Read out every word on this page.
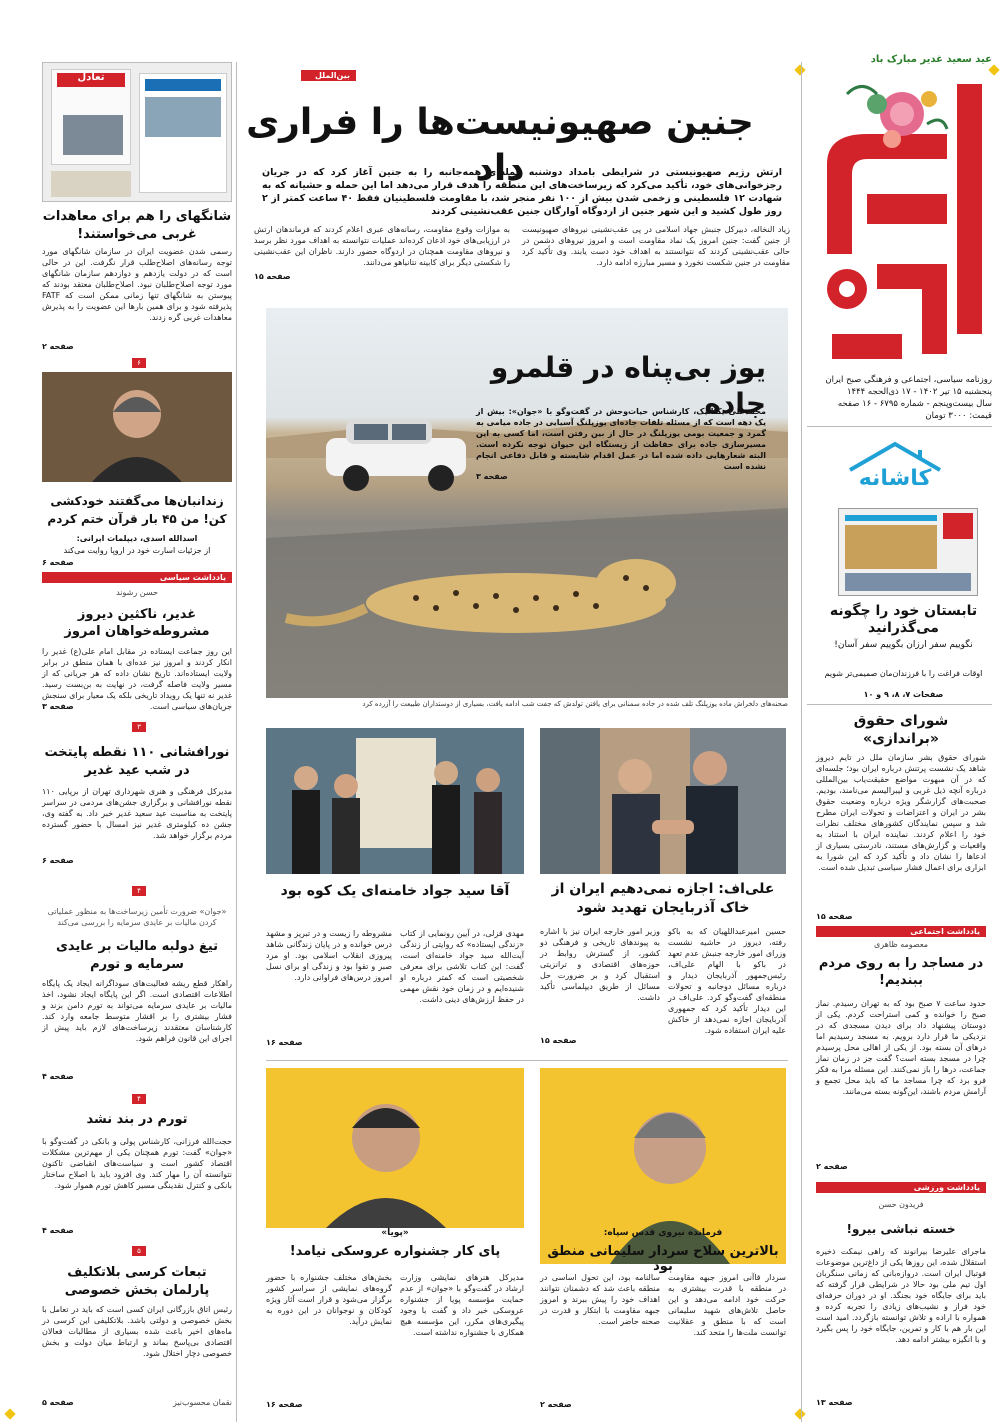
عید سعید غدیر مبارک باد
روزنامه سیاسی، اجتماعی و فرهنگی صبح ایران
پنجشنبه ۱۵ تیر ۱۴۰۲ - ۱۷ ذی‌الحجه ۱۴۴۴
سال بیست‌وپنجم - شماره ۶۷۹۵ - ۱۶ صفحه
قیمت: ۳۰۰۰ تومان
کاشانه
تابستان خود را چگونه می‌گذرانید
نگوییم سفر ارزان بگوییم سفر آسان!
اوقات فراغت را با فرزندان‌مان صمیمی‌تر شویم
صفحات ۷، ۸، ۹ و ۱۰
شورای حقوق «براندازی»
شورای حقوق بشر سازمان ملل در تایم دیروز شاهد یک نشست پرتنش درباره ایران بود؛ جلسه‌ای که در آن مبهوت مواضع حقیقت‌یاب بین‌المللی درباره آنچه ذیل غربی و لیبرالیسم می‌نامند، بودیم. صحبت‌های گزارشگر ویژه درباره وضعیت حقوق بشر در ایران و اعتراضات و تحولات ایران مطرح شد و سپس نمایندگان کشورهای مختلف نظرات خود را اعلام کردند. نماینده ایران با استناد به واقعیات و گزارش‌های مستند، نادرستی بسیاری از ادعاها را نشان داد و تأکید کرد که این شورا به ابزاری برای اعمال فشار سیاسی تبدیل شده است.
صفحه ۱۵
یادداشت اجتماعی
معصومه ظاهری
در مساجد را به روی مردم ببندیم!
حدود ساعت ۷ صبح بود که به تهران رسیدم. نماز صبح را خوانده و کمی استراحت کردم. یکی از دوستان پیشنهاد داد برای دیدن مسجدی که در نزدیکی ما قرار دارد برویم. به مسجد رسیدیم اما درهای آن بسته بود. از یکی از اهالی محل پرسیدم چرا در مسجد بسته است؟ گفت جز در زمان نماز جماعت، درها را باز نمی‌کنند. این مسئله مرا به فکر فرو برد که چرا مساجد ما که باید محل تجمع و آرامش مردم باشند، این‌گونه بسته می‌مانند.
صفحه ۲
یادداشت ورزشی
فریدون حسن
خسته نباشی بیرو!
ماجرای علیرضا بیرانوند که راهی نیمکت ذخیره استقلال شده، این روزها یکی از داغ‌ترین موضوعات فوتبال ایران است. دروازه‌بانی که زمانی سنگربان اول تیم ملی بود حالا در شرایطی قرار گرفته که باید برای جایگاه خود بجنگد. او در دوران حرفه‌ای خود فراز و نشیب‌های زیادی را تجربه کرده و همواره با اراده و تلاش توانسته بازگردد. امید است این بار هم با کار و تمرین، جایگاه خود را پس بگیرد و با انگیزه بیشتر ادامه دهد.
صفحه ۱۳
بین‌الملل
جنین صهیونیست‌ها را فراری داد
ارتش رژیم صهیونیستی در شرایطی بامداد دوشنبه حمله‌ای همه‌جانبه را به جنین آغاز کرد که در جریان رجزخوانی‌های خود، تأکید می‌کرد که زیرساخت‌های این منطقه را هدف قرار می‌دهد اما این حمله و حشیانه که به شهادت ۱۲ فلسطینی و زخمی شدن بیش از ۱۰۰ نفر منجر شد، با مقاومت فلسطینیان فقط ۴۰ ساعت کمتر از ۲ روز طول کشید و این شهر جنین از اردوگاه آوارگان جنین عقب‌نشینی کردند
زیاد النخاله، دبیرکل جنبش جهاد اسلامی در پی عقب‌نشینی نیروهای صهیونیست از جنین گفت: جنین امروز یک نماد مقاومت است و امروز نیروهای دشمن در حالی عقب‌نشینی کردند که نتوانستند به اهداف خود دست یابند. وی تأکید کرد مقاومت در جنین شکست نخورد و مسیر مبارزه ادامه دارد.
به موازات وقوع مقاومت، رسانه‌های عبری اعلام کردند که فرماندهان ارتش در ارزیابی‌های خود اذعان کرده‌اند عملیات نتوانسته به اهداف مورد نظر برسد و نیروهای مقاومت همچنان در اردوگاه حضور دارند. ناظران این عقب‌نشینی را شکستی دیگر برای کابینه نتانیاهو می‌دانند.
صفحه ۱۵
یوز بی‌پناه در قلمرو جاده
محمدعلی یکتانیک، کارشناس حیات‌وحش در گفت‌وگو با «جوان»: بیش از یک دهه است که از مسئله تلفات جاده‌ای یوزپلنگ آسیایی در جاده میامی به گمرد و جمعیت بومی یوزپلنگ در حال از بین رفتن است، اما کسی به این مسیرسازی جاده برای حفاظت از زیستگاه این حیوان توجه نکرده است. البته شعارهایی داده شده اما در عمل اقدام شایسته و قابل دفاعی انجام نشده است
صفحه ۳
صحنه‌های دلخراش ماده یوزپلنگ تلف شده در جاده سمنانی برای یافتن تولدش که جفت شب ادامه یافت، بسیاری از دوستداران طبیعت را آزرده کرد
علی‌اف: اجازه نمی‌دهیم ایران از خاک آذربایجان تهدید شود
حسین امیرعبداللهیان که به باکو رفته، دیروز در حاشیه نشست وزرای امور خارجه جنبش عدم تعهد در باکو با الهام علی‌اف، رئیس‌جمهور آذربایجان دیدار و درباره مسائل دوجانبه و تحولات منطقه‌ای گفت‌وگو کرد. علی‌اف در این دیدار تأکید کرد که جمهوری آذربایجان اجازه نمی‌دهد از خاکش علیه ایران استفاده شود.
وزیر امور خارجه ایران نیز با اشاره به پیوندهای تاریخی و فرهنگی دو کشور، از گسترش روابط در حوزه‌های اقتصادی و ترانزیتی استقبال کرد و بر ضرورت حل مسائل از طریق دیپلماسی تأکید داشت.
صفحه ۱۵
آقا سید جواد خامنه‌ای یک کوه بود
مهدی قزلی، در آیین رونمایی از کتاب «زندگی ایستاده» که روایتی از زندگی آیت‌الله سید جواد خامنه‌ای است، گفت: این کتاب تلاشی برای معرفی شخصیتی است که کمتر درباره او شنیده‌ایم و در زمان خود نقش مهمی در حفظ ارزش‌های دینی داشت.
مشروطه را زیست و در تبریز و مشهد درس خوانده و در پایان زندگانی شاهد پیروزی انقلاب اسلامی بود. او مرد صبر و تقوا بود و زندگی او برای نسل امروز درس‌های فراوانی دارد.
صفحه ۱۶
فرمانده نیروی قدس سپاه:
بالاترین سلاح سردار سلیمانی منطق بود
سردار قاآنی امروز جبهه مقاومت در منطقه با قدرت بیشتری به حرکت خود ادامه می‌دهد و این حاصل تلاش‌های شهید سلیمانی است که با منطق و عقلانیت توانست ملت‌ها را متحد کند.
سالنامه بود، این تحول اساسی در منطقه باعث شد که دشمنان نتوانند اهداف خود را پیش ببرند و امروز جبهه مقاومت با ابتکار و قدرت در صحنه حاضر است.
صفحه ۲
«پویا»
پای کار جشنواره عروسکی نیامد!
مدیرکل هنرهای نمایشی وزارت ارشاد در گفت‌وگو با «جوان» از عدم حمایت مؤسسه پویا از جشنواره عروسکی خبر داد و گفت با وجود پیگیری‌های مکرر، این مؤسسه هیچ همکاری با جشنواره نداشته است.
بخش‌های مختلف جشنواره با حضور گروه‌های نمایشی از سراسر کشور برگزار می‌شود و قرار است آثار ویژه کودکان و نوجوانان در این دوره به نمایش درآید.
صفحه ۱۶
تعادل
شانگهای را هم برای معاهدات غربی می‌خواستند!
رسمی شدن عضویت ایران در سازمان شانگهای مورد توجه رسانه‌های اصلاح‌طلب قرار نگرفت. این در حالی است که در دولت یازدهم و دوازدهم سازمان شانگهای مورد توجه اصلاح‌طلبان نبود. اصلاح‌طلبان معتقد بودند که پیوستن به شانگهای تنها زمانی ممکن است که FATF پذیرفته شود و برای همین بارها این عضویت را به پذیرش معاهدات غربی گره زدند.
صفحه ۲
۶
زندانبان‌ها می‌گفتند خودکشی کن! من ۴۵ بار قرآن ختم کردم
اسدالله اسدی، دیپلمات ایرانی:
از جزئیات اسارت خود در اروپا روایت می‌کند
صفحه ۶
یادداشت سیاسی
حسن رشوند
غدیر، ناکثین دیروز مشروطه‌خواهان امروز
این روز جماعت ایستاده در مقابل امام علی(ع) غدیر را انکار کردند و امروز نیز عده‌ای با همان منطق در برابر ولایت ایستاده‌اند. تاریخ نشان داده که هر جریانی که از مسیر ولایت فاصله گرفت، در نهایت به بن‌بست رسید. غدیر نه تنها یک رویداد تاریخی بلکه یک معیار برای سنجش جریان‌های سیاسی است.
صفحه ۳
۳
نورافشانی ۱۱۰ نقطه پایتخت در شب عید غدیر
مدیرکل فرهنگی و هنری شهرداری تهران از برپایی ۱۱۰ نقطه نورافشانی و برگزاری جشن‌های مردمی در سراسر پایتخت به مناسبت عید سعید غدیر خبر داد. به گفته وی، جشن ده کیلومتری غدیر نیز امسال با حضور گسترده مردم برگزار خواهد شد.
صفحه ۶
۴
«جوان» ضرورت تأمین زیرساخت‌ها به منظور عملیاتی کردن مالیات بر عایدی سرمایه را بررسی می‌کند
تیغ دولبه مالیات بر عایدی سرمایه و تورم
راهکار قطع ریشه فعالیت‌های سوداگرانه ایجاد یک پایگاه اطلاعات اقتصادی است. اگر این پایگاه ایجاد نشود، اخذ مالیات بر عایدی سرمایه می‌تواند به تورم دامن بزند و فشار بیشتری را بر اقشار متوسط جامعه وارد کند. کارشناسان معتقدند زیرساخت‌های لازم باید پیش از اجرای این قانون فراهم شود.
صفحه ۴
۴
تورم در بند نشد
حجت‌الله فرزانی، کارشناس پولی و بانکی در گفت‌وگو با «جوان» گفت: تورم همچنان یکی از مهم‌ترین مشکلات اقتصاد کشور است و سیاست‌های انقباضی تاکنون نتوانسته آن را مهار کند. وی افزود باید با اصلاح ساختار بانکی و کنترل نقدینگی مسیر کاهش تورم هموار شود.
صفحه ۴
۵
تبعات کرسی بلاتکلیف پارلمان بخش خصوصی
رئیس اتاق بازرگانی ایران کسی است که باید در تعامل با بخش خصوصی و دولتی باشد. بلاتکلیفی این کرسی در ماه‌های اخیر باعث شده بسیاری از مطالبات فعالان اقتصادی بی‌پاسخ بماند و ارتباط میان دولت و بخش خصوصی دچار اختلال شود.
نقمان محسوب‌نیز
صفحه ۵
